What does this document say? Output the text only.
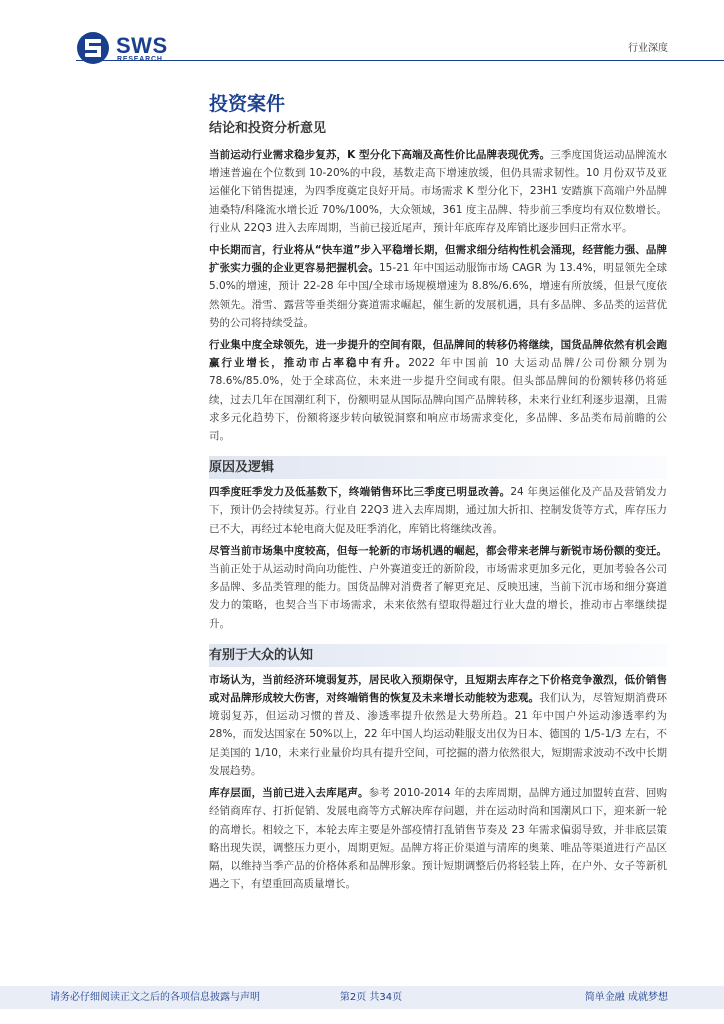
SWS	行业深度
投资案件
结论和投资分析意见

当前运动行业需求稳步复苏，K 型分化下高端及高性价比品牌表现优秀。三季度国货运动品牌流水增速普遍在个位数到 10-20%的中段，基数走高下增速放缓，但仍具需求韧性。10 月份双节及亚运催化下销售提速，为四季度奠定良好开局。市场需求 K 型分化下，23H1 安踏旗下高端户外品牌迪桑特/科隆流水增长近 70%/100%，大众领域，361 度主品牌、特步前三季度均有双位数增长。行业从 22Q3 进入去库周期，当前已接近尾声，预计年底库存及库销比逐步回归正常水平。

中长期而言，行业将从“快车道”步入平稳增长期，但需求细分结构性机会涌现，经营能力强、品牌扩张实力强的企业更容易把握机会。15-21 年中国运动服饰市场 CAGR 为 13.4%，明显领先全球 5.0%的增速，预计 22-28 年中国/全球市场规模增速为 8.8%/6.6%，增速有所放缓，但景气度依然领先。滑雪、露营等垂类细分赛道需求崛起，催生新的发展机遇，具有多品牌、多品类的运营优势的公司将持续受益。

行业集中度全球领先，进一步提升的空间有限，但品牌间的转移仍将继续，国货品牌依然有机会跑赢行业增长，推动市占率稳中有升。2022 年中国前 10 大运动品牌/公司份额分别为 78.6%/85.0%，处于全球高位，未来进一步提升空间或有限。但头部品牌间的份额转移仍将延续，过去几年在国潮红利下，份额明显从国际品牌向国产品牌转移，未来行业红利逐步退潮，且需求多元化趋势下，份额将逐步转向敏锐洞察和响应市场需求变化，多品牌、多品类布局前瞻的公司。

原因及逻辑

四季度旺季发力及低基数下，终端销售环比三季度已明显改善。24 年奥运催化及产品及营销发力下，预计仍会持续复苏。行业自 22Q3 进入去库周期，通过加大折扣、控制发货等方式，库存压力已不大，再经过本轮电商大促及旺季消化，库销比将继续改善。

尽管当前市场集中度较高，但每一轮新的市场机遇的崛起，都会带来老牌与新锐市场份额的变迁。当前正处于从运动时尚向功能性、户外赛道变迁的新阶段，市场需求更加多元化，更加考验各公司多品牌、多品类管理的能力。国货品牌对消费者了解更充足、反映迅速，当前下沉市场和细分赛道发力的策略，也契合当下市场需求，未来依然有望取得超过行业大盘的增长，推动市占率继续提升。

有别于大众的认知

市场认为，当前经济环境弱复苏，居民收入预期保守，且短期去库存之下价格竞争激烈，低价销售或对品牌形成较大伤害，对终端销售的恢复及未来增长动能较为悲观。我们认为，尽管短期消费环境弱复苏，但运动习惯的普及、渗透率提升依然是大势所趋。21 年中国户外运动渗透率约为 28%，而发达国家在 50%以上，22 年中国人均运动鞋服支出仅为日本、德国的 1/5-1/3 左右，不足美国的 1/10，未来行业量价均具有提升空间，可挖掘的潜力依然很大，短期需求波动不改中长期发展趋势。

库存层面，当前已进入去库尾声。参考 2010-2014 年的去库周期，品牌方通过加盟转直营、回购经销商库存、打折促销、发展电商等方式解决库存问题，并在运动时尚和国潮风口下，迎来新一轮的高增长。相较之下，本轮去库主要是外部疫情打乱销售节奏及 23 年需求偏弱导致，并非底层策略出现失误，调整压力更小，周期更短。品牌方将正价渠道与清库的奥莱、唯品等渠道进行产品区隔，以维持当季产品的价格体系和品牌形象。预计短期调整后仍将轻装上阵，在户外、女子等新机遇之下，有望重回高质量增长。

请务必仔细阅读正文之后的各项信息披露与声明	第2页 共34页	简单金融 成就梦想
